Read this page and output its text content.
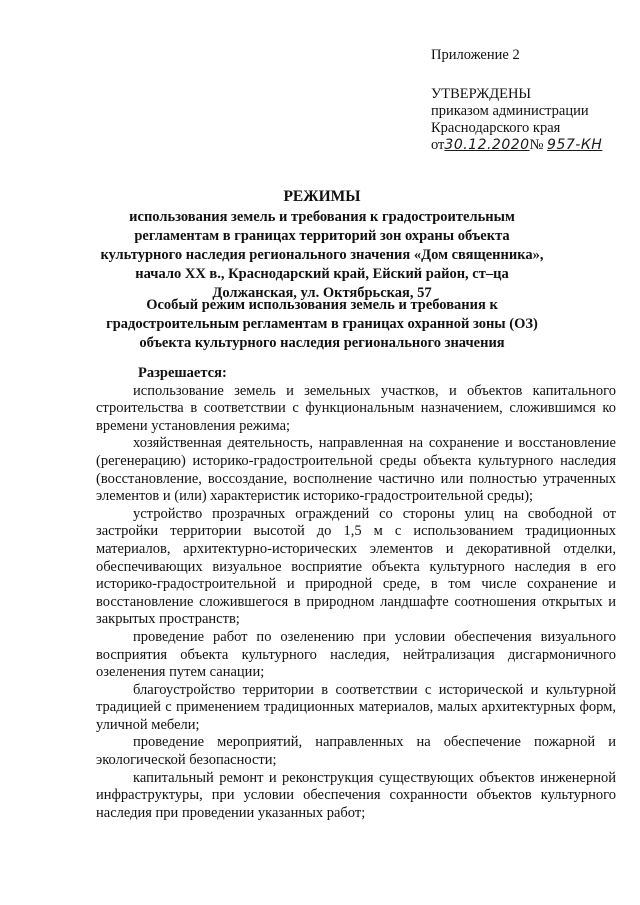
Приложение 2
УТВЕРЖДЕНЫ
приказом администрации
Краснодарского края
от30.12.2020№ 957-КН
РЕЖИМЫ
использования земель и требования к градостроительным регламентам в границах территорий зон охраны объекта культурного наследия регионального значения «Дом священника», начало XX в., Краснодарский край, Ейский район, ст–ца Должанская, ул. Октябрьская, 57
Особый режим использования земель и требования к градостроительным регламентам в границах охранной зоны (ОЗ) объекта культурного наследия регионального значения

Разрешается:

использование земель и земельных участков, и объектов капитального строительства в соответствии с функциональным назначением, сложившимся ко времени установления режима;

хозяйственная деятельность, направленная на сохранение и восстановление (регенерацию) историко-градостроительной среды объекта культурного наследия (восстановление, воссоздание, восполнение частично или полностью утраченных элементов и (или) характеристик историко-градостроительной среды);

устройство прозрачных ограждений со стороны улиц на свободной от застройки территории высотой до 1,5 м с использованием традиционных материалов, архитектурно-исторических элементов и декоративной отделки, обеспечивающих визуальное восприятие объекта культурного наследия в его историко-градостроительной и природной среде, в том числе сохранение и восстановление сложившегося в природном ландшафте соотношения открытых и закрытых пространств;

проведение работ по озеленению при условии обеспечения визуального восприятия объекта культурного наследия, нейтрализация дисгармоничного озеленения путем санации;

благоустройство территории в соответствии с исторической и культурной традицией с применением традиционных материалов, малых архитектурных форм, уличной мебели;

проведение мероприятий, направленных на обеспечение пожарной и экологической безопасности;

капитальный ремонт и реконструкция существующих объектов инженерной инфраструктуры, при условии обеспечения сохранности объектов культурного наследия при проведении указанных работ;
